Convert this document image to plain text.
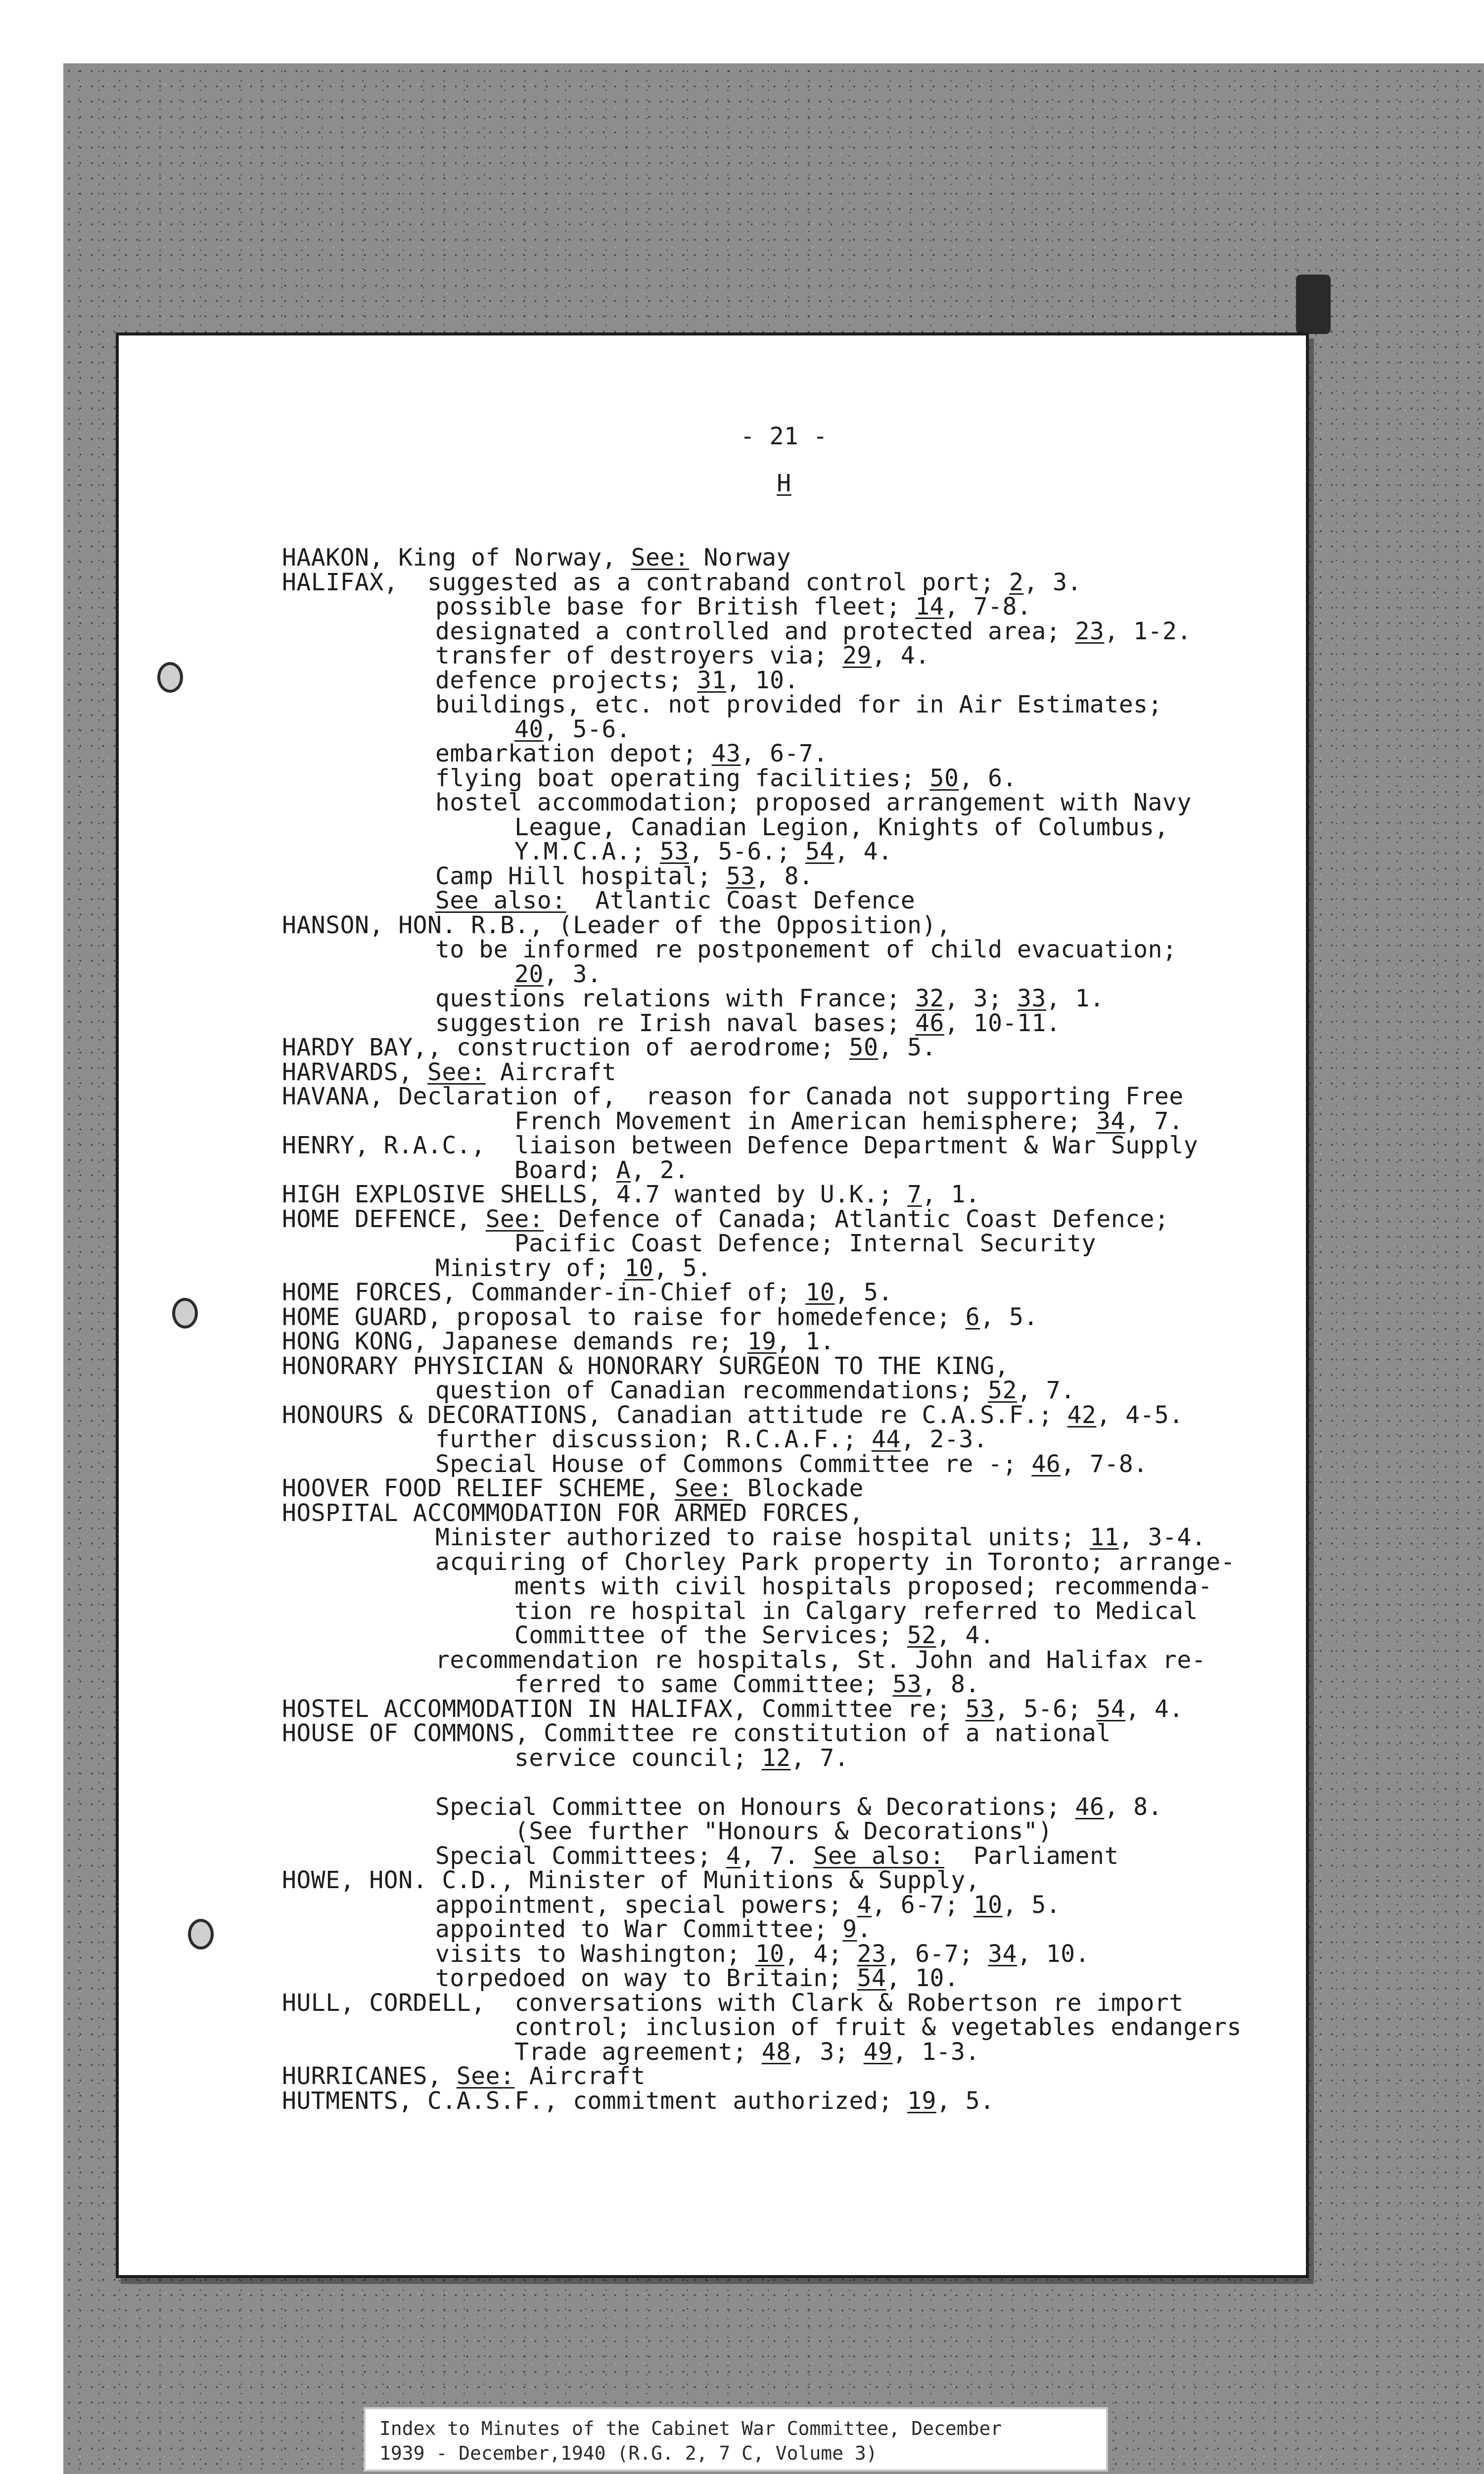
- 21 -
H
HAAKON, King of Norway, See: Norway
HALIFAX,  suggested as a contraband control port; 2, 3.
possible base for British fleet; 14, 7-8.
designated a controlled and protected area; 23, 1-2.
transfer of destroyers via; 29, 4.
defence projects; 31, 10.
buildings, etc. not provided for in Air Estimates;
40, 5-6.
embarkation depot; 43, 6-7.
flying boat operating facilities; 50, 6.
hostel accommodation; proposed arrangement with Navy
League, Canadian Legion, Knights of Columbus,
Y.M.C.A.; 53, 5-6.; 54, 4.
Camp Hill hospital; 53, 8.
See also:  Atlantic Coast Defence
HANSON, HON. R.B., (Leader of the Opposition),
to be informed re postponement of child evacuation;
20, 3.
questions relations with France; 32, 3; 33, 1.
suggestion re Irish naval bases; 46, 10-11.
HARDY BAY,, construction of aerodrome; 50, 5.
HARVARDS, See: Aircraft
HAVANA, Declaration of,  reason for Canada not supporting Free
French Movement in American hemisphere; 34, 7.
HENRY, R.A.C.,  liaison between Defence Department & War Supply
Board; A, 2.
HIGH EXPLOSIVE SHELLS, 4.7 wanted by U.K.; 7, 1.
HOME DEFENCE, See: Defence of Canada; Atlantic Coast Defence;
Pacific Coast Defence; Internal Security
Ministry of; 10, 5.
HOME FORCES, Commander-in-Chief of; 10, 5.
HOME GUARD, proposal to raise for homedefence; 6, 5.
HONG KONG, Japanese demands re; 19, 1.
HONORARY PHYSICIAN & HONORARY SURGEON TO THE KING,
question of Canadian recommendations; 52, 7.
HONOURS & DECORATIONS, Canadian attitude re C.A.S.F.; 42, 4-5.
further discussion; R.C.A.F.; 44, 2-3.
Special House of Commons Committee re -; 46, 7-8.
HOOVER FOOD RELIEF SCHEME, See: Blockade
HOSPITAL ACCOMMODATION FOR ARMED FORCES,
Minister authorized to raise hospital units; 11, 3-4.
acquiring of Chorley Park property in Toronto; arrange-
ments with civil hospitals proposed; recommenda-
tion re hospital in Calgary referred to Medical
Committee of the Services; 52, 4.
recommendation re hospitals, St. John and Halifax re-
ferred to same Committee; 53, 8.
HOSTEL ACCOMMODATION IN HALIFAX, Committee re; 53, 5-6; 54, 4.
HOUSE OF COMMONS, Committee re constitution of a national
service council; 12, 7.
Special Committee on Honours & Decorations; 46, 8.
(See further "Honours & Decorations")
Special Committees; 4, 7. See also:  Parliament
HOWE, HON. C.D., Minister of Munitions & Supply,
appointment, special powers; 4, 6-7; 10, 5.
appointed to War Committee; 9.
visits to Washington; 10, 4; 23, 6-7; 34, 10.
torpedoed on way to Britain; 54, 10.
HULL, CORDELL,  conversations with Clark & Robertson re import
control; inclusion of fruit & vegetables endangers
Trade agreement; 48, 3; 49, 1-3.
HURRICANES, See: Aircraft
HUTMENTS, C.A.S.F., commitment authorized; 19, 5.
Index to Minutes of the Cabinet War Committee, December
1939 - December,1940 (R.G. 2, 7 C, Volume 3)
